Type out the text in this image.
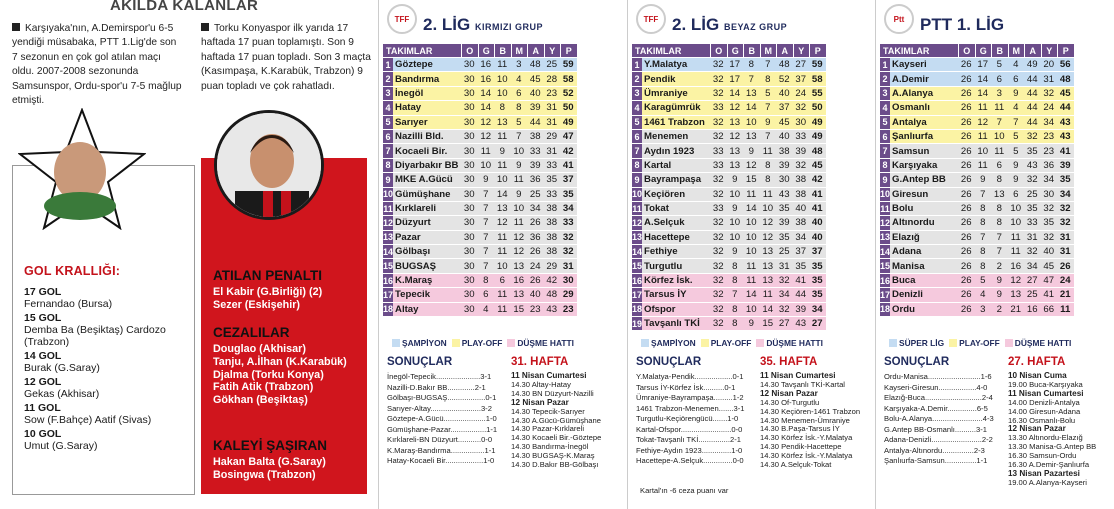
AKILDA KALANLAR
Karşıyaka'nın, A.Demirspor'u 6-5 yendiği müsabaka, PTT 1.Lig'de son 7 sezonun en çok gol atılan maçı oldu. 2007-2008 sezonunda Samsunspor, Ordu-spor'u 7-5 mağlup etmişti.
Torku Konyaspor ilk yarıda 17 haftada 17 puan toplamıştı. Son 9 haftada 17 puan topladı. Son 3 maçta (Kasımpaşa, K.Karabük, Trabzon) 9 puan topladı ve çok rahatladı.
GOL KRALLIĞI:
17 GOL
Fernandao (Bursa)
15 GOL
Demba Ba (Beşiktaş) Cardozo (Trabzon)
14 GOL
Burak (G.Saray)
12 GOL
Gekas (Akhisar)
11 GOL
Sow (F.Bahçe) Aatif (Sivas)
10 GOL
Umut (G.Saray)
ATILAN PENALTI
El Kabir (G.Birliği) (2)
Sezer (Eskişehir)
CEZALILAR
Douglao (Akhisar)
Tanju, A.İlhan (K.Karabük)
Djalma (Torku Konya)
Fatih Atik (Trabzon)
Gökhan (Beşiktaş)
KALEYİ ŞAŞIRAN
Hakan Balta (G.Saray)
Bosingwa (Trabzon)
TFF 2. LİG KIRMIZI GRUP
TAKIMLAR		O	G	B	M	A	Y	P
1	Göztepe	30	16	11	3	48	25	59
2	Bandırma	30	16	10	4	45	28	58
3	İnegöl	30	14	10	6	40	23	52
4	Hatay	30	14	8	8	39	31	50
5	Sarıyer	30	12	13	5	44	31	49
6	Nazilli Bld.	30	12	11	7	38	29	47
7	Kocaeli Bir.	30	11	9	10	33	31	42
8	Diyarbakır BB	30	10	11	9	39	33	41
9	MKE A.Gücü	30	9	10	11	36	35	37
10	Gümüşhane	30	7	14	9	25	33	35
11	Kırklareli	30	7	13	10	34	38	34
12	Düzyurt	30	7	12	11	26	38	33
13	Pazar	30	7	11	12	36	38	32
14	Gölbaşı	30	7	11	12	26	38	32
15	BUGSAŞ	30	7	10	13	24	29	31
16	K.Maraş	30	8	6	16	26	42	30
17	Tepecik	30	6	11	13	40	48	29
18	Altay	30	4	11	15	23	43	23
ŞAMPİYON PLAY-OFF DÜŞME HATTI
SONUÇLAR
İnegöl-Tepecik.....................3-1
Nazilli-D.Bakır BB.............2-1
Gölbaşı-BUGSAŞ..................0-1
Sarıyer-Altay........................3-2
Göztepe-A.Gücü....................1-0
Gümüşhane-Pazar.................1-1
Kırklareli-BN Düzyurt...........0-0
K.Maraş-Bandırma................1-1
Hatay-Kocaeli Bir..................1-0
31. HAFTA
11 Nisan Cumartesi
14.30 Altay-Hatay
14.30 BN Düzyurt-Nazilli
12 Nisan Pazar
14.30 Tepecik-Sarıyer
14.30 A.Gücü-Gümüşhane
14.30 Pazar-Kırklareli
14.30 Kocaeli Bir.-Göztepe
14.30 Bandırma-İnegöl
14.30 BUGSAŞ-K.Maraş
14.30 D.Bakır BB-Gölbaşı
TFF 2. LİG BEYAZ GRUP
TAKIMLAR		O	G	B	M	A	Y	P
1	Y.Malatya	32	17	8	7	48	27	59
2	Pendik	32	17	7	8	52	37	58
3	Ümraniye	32	14	13	5	40	24	55
4	Karagümrük	33	12	14	7	37	32	50
5	1461 Trabzon	32	13	10	9	45	30	49
6	Menemen	32	12	13	7	40	33	49
7	Aydın 1923	33	13	9	11	38	39	48
8	Kartal	33	13	12	8	39	32	45
9	Bayrampaşa	32	9	15	8	30	38	42
10	Keçiören	32	10	11	11	43	38	41
11	Tokat	33	9	14	10	35	40	41
12	A.Selçuk	32	10	10	12	39	38	40
13	Hacettepe	32	10	10	12	35	34	40
14	Fethiye	32	9	10	13	25	37	37
15	Turgutlu	32	8	11	13	31	35	35
16	Körfez İsk.	32	8	11	13	32	41	35
17	Tarsus İY	32	7	14	11	34	44	35
18	Ofspor	32	8	10	14	32	39	34
19	Tavşanlı TKİ	32	8	9	15	27	43	27
ŞAMPİYON PLAY-OFF DÜŞME HATTI
SONUÇLAR
Y.Malatya-Pendik..................0-1
Tarsus İY-Körfez İsk..........0-1
Ümraniye-Bayrampaşa.........1-2
1461 Trabzon-Menemen.......3-1
Turgutlu-Keçiörengücü.......1-0
Kartal-Ofspor........................0-0
Tokat-Tavşanlı TKİ...............2-1
Fethiye-Aydın 1923..............1-0
Hacettepe-A.Selçuk..............0-0
35. HAFTA
11 Nisan Cumartesi
14.30 Tavşanlı TKİ-Kartal
12 Nisan Pazar
14.30 Of-Turgutlu
14.30 Keçiören-1461 Trabzon
14.30 Menemen-Ümraniye
14.30 B.Paşa-Tarsus İY
14.30 Körfez İsk.-Y.Malatya
14.30 Pendik-Hacettepe
14.30 Körfez İsk.-Y.Malatya
14.30 A.Selçuk-Tokat
Kartal'ın -6 ceza puanı var
Ptt PTT 1. LİG
TAKIMLAR		O	G	B	M	A	Y	P
1	Kayseri	26	17	5	4	49	20	56
2	A.Demir	26	14	6	6	44	31	48
3	A.Alanya	26	14	3	9	44	32	45
4	Osmanlı	26	11	11	4	44	24	44
5	Antalya	26	12	7	7	44	34	43
6	Şanlıurfa	26	11	10	5	32	23	43
7	Samsun	26	10	11	5	35	23	41
8	Karşıyaka	26	11	6	9	43	36	39
9	G.Antep BB	26	9	8	9	32	34	35
10	Giresun	26	7	13	6	25	30	34
11	Bolu	26	8	8	10	35	32	32
12	Altınordu	26	8	8	10	33	35	32
13	Elazığ	26	7	7	11	31	32	31
14	Adana	26	8	7	11	32	40	31
15	Manisa	26	8	2	16	34	45	26
16	Buca	26	5	9	12	27	47	24
17	Denizli	26	4	9	13	25	41	21
18	Ordu	26	3	2	21	16	66	11
SÜPER LİG PLAY-OFF DÜŞME HATTI
SONUÇLAR
Ordu-Manisa.........................1-6
Kayseri-Giresun..................4-0
Elazığ-Buca...........................2-4
Karşıyaka-A.Demir..............6-5
Bolu-A.Alanya........................4-3
G.Antep BB-Osmanlı..........3-1
Adana-Denizli........................2-2
Antalya-Altınordu...............2-3
Şanlıurfa-Samsun...............1-1
27. HAFTA
10 Nisan Cuma
19.00 Buca-Karşıyaka
11 Nisan Cumartesi
14.00 Denizli-Antalya
14.00 Giresun-Adana
16.30 Osmanlı-Bolu
12 Nisan Pazar
13.30 Altınordu-Elazığ
13.30 Manisa-G.Antep BB
16.30 Samsun-Ordu
16.30 A.Demir-Şanlıurfa
13 Nisan Pazartesi
19.00 A.Alanya-Kayseri
